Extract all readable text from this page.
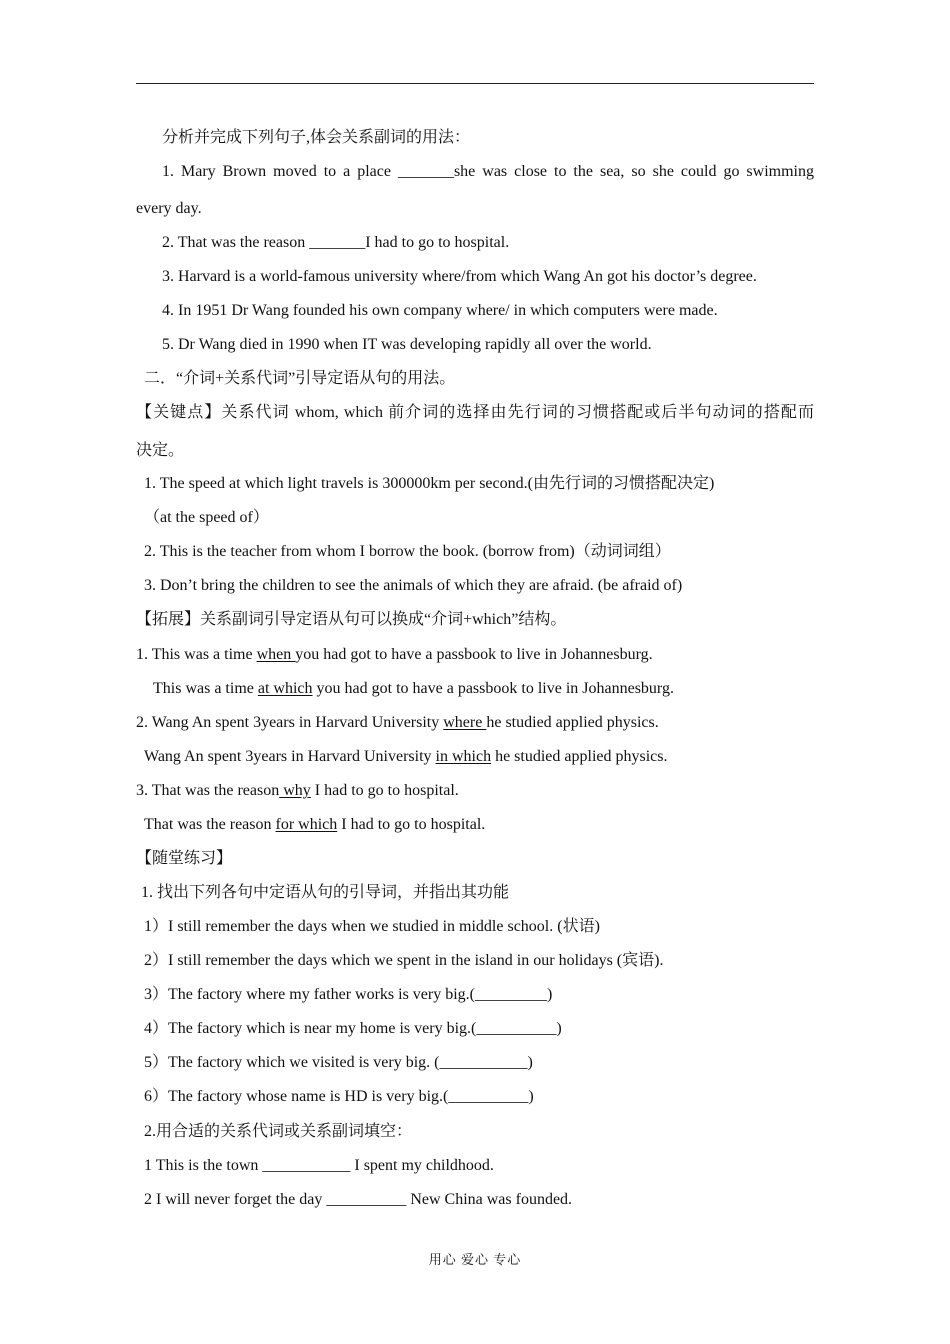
分析并完成下列句子,体会关系副词的用法：
1. Mary Brown moved to a place _______she was close to the sea, so she could go swimming
every day.
2. That was the reason _______I had to go to hospital.
3. Harvard is a world-famous university where/from which Wang An got his doctor’s degree.
4. In 1951 Dr Wang founded his own company where/ in which computers were made.
5. Dr Wang died in 1990 when IT was developing rapidly all over the world.
二．“介词+关系代词”引导定语从句的用法。
【关键点】关系代词 whom, which 前介词的选择由先行词的习惯搭配或后半句动词的搭配而
决定。
1. The speed at which light travels is 300000km per second.(由先行词的习惯搭配决定)
（at the speed of）
2. This is the teacher from whom I borrow the book. (borrow from)（动词词组）
3. Don’t bring the children to see the animals of which they are afraid. (be afraid of)
【拓展】关系副词引导定语从句可以换成“介词+which”结构。
1. This was a time when you had got to have a passbook to live in Johannesburg.
This was a time at which you had got to have a passbook to live in Johannesburg.
2. Wang An spent 3years in Harvard University where he studied applied physics.
Wang An spent 3years in Harvard University in which he studied applied physics.
3. That was the reason why I had to go to hospital.
That was the reason for which I had to go to hospital.
【随堂练习】
1. 找出下列各句中定语从句的引导词，并指出其功能
1）I still remember the days when we studied in middle school. (状语)
2）I still remember the days which we spent in the island in our holidays (宾语).
3）The factory where my father works is very big.(_________)
4）The factory which is near my home is very big.(__________)
5）The factory which we visited is very big. (___________)
6）The factory whose name is HD is very big.(__________)
2.用合适的关系代词或关系副词填空：
1 This is the town ___________ I spent my childhood.
2 I will never forget the day __________ New China was founded.
用心 爱心 专心
